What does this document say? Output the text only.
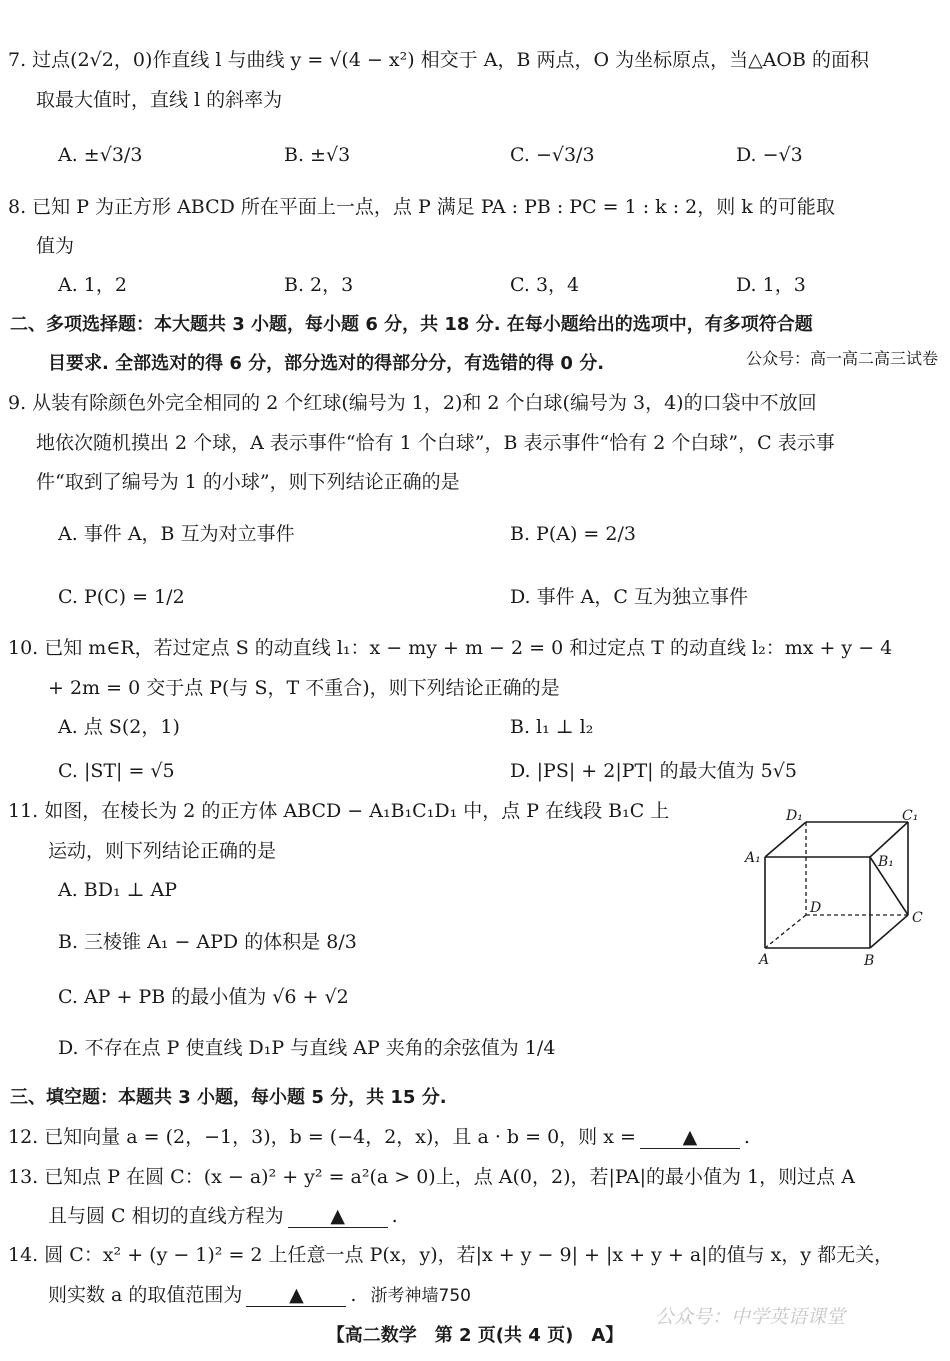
7. 过点(2√2，0)作直线 l 与曲线 y = √(4 − x²) 相交于 A，B 两点，O 为坐标原点，当△AOB 的面积
取最大值时，直线 l 的斜率为
A. ±√3/3	B. ±√3	C. −√3/3	D. −√3
8. 已知 P 为正方形 ABCD 所在平面上一点，点 P 满足 PA : PB : PC = 1 : k : 2，则 k 的可能取
值为
A. 1，2	B. 2，3	C. 3，4	D. 1，3
二、多项选择题：本大题共 3 小题，每小题 6 分，共 18 分. 在每小题给出的选项中，有多项符合题
目要求. 全部选对的得 6 分，部分选对的得部分分，有选错的得 0 分.	公众号：高一高二高三试卷
9. 从装有除颜色外完全相同的 2 个红球(编号为 1，2)和 2 个白球(编号为 3，4)的口袋中不放回
地依次随机摸出 2 个球，A 表示事件“恰有 1 个白球”，B 表示事件“恰有 2 个白球”，C 表示事
件“取到了编号为 1 的小球”，则下列结论正确的是
A. 事件 A，B 互为对立事件	B. P(A) = 2/3
C. P(C) = 1/2	D. 事件 A，C 互为独立事件
10. 已知 m∈R，若过定点 S 的动直线 l₁：x − my + m − 2 = 0 和过定点 T 的动直线 l₂：mx + y − 4
+ 2m = 0 交于点 P(与 S，T 不重合)，则下列结论正确的是
A. 点 S(2，1)	B. l₁ ⊥ l₂
C. |ST| = √5	D. |PS| + 2|PT| 的最大值为 5√5
11. 如图，在棱长为 2 的正方体 ABCD − A₁B₁C₁D₁ 中，点 P 在线段 B₁C 上
运动，则下列结论正确的是
A. BD₁ ⊥ AP
B. 三棱锥 A₁ − APD 的体积是 8/3
C. AP + PB 的最小值为 √6 + √2
D. 不存在点 P 使直线 D₁P 与直线 AP 夹角的余弦值为 1/4
D₁	C₁
A₁	B₁
D
C
A	B
三、填空题：本题共 3 小题，每小题 5 分，共 15 分.
12. 已知向量 a = (2，−1，3)，b = (−4，2，x)，且 a · b = 0，则 x = ▲ .
13. 已知点 P 在圆 C：(x − a)² + y² = a²(a > 0)上，点 A(0，2)，若|PA|的最小值为 1，则过点 A
且与圆 C 相切的直线方程为 ▲ .
14. 圆 C：x² + (y − 1)² = 2 上任意一点 P(x，y)，若|x + y − 9| + |x + y + a|的值与 x，y 都无关，
则实数 a 的取值范围为 ▲ . 浙考神墙750
公众号：中学英语课堂
【高二数学　第 2 页(共 4 页)　A】
